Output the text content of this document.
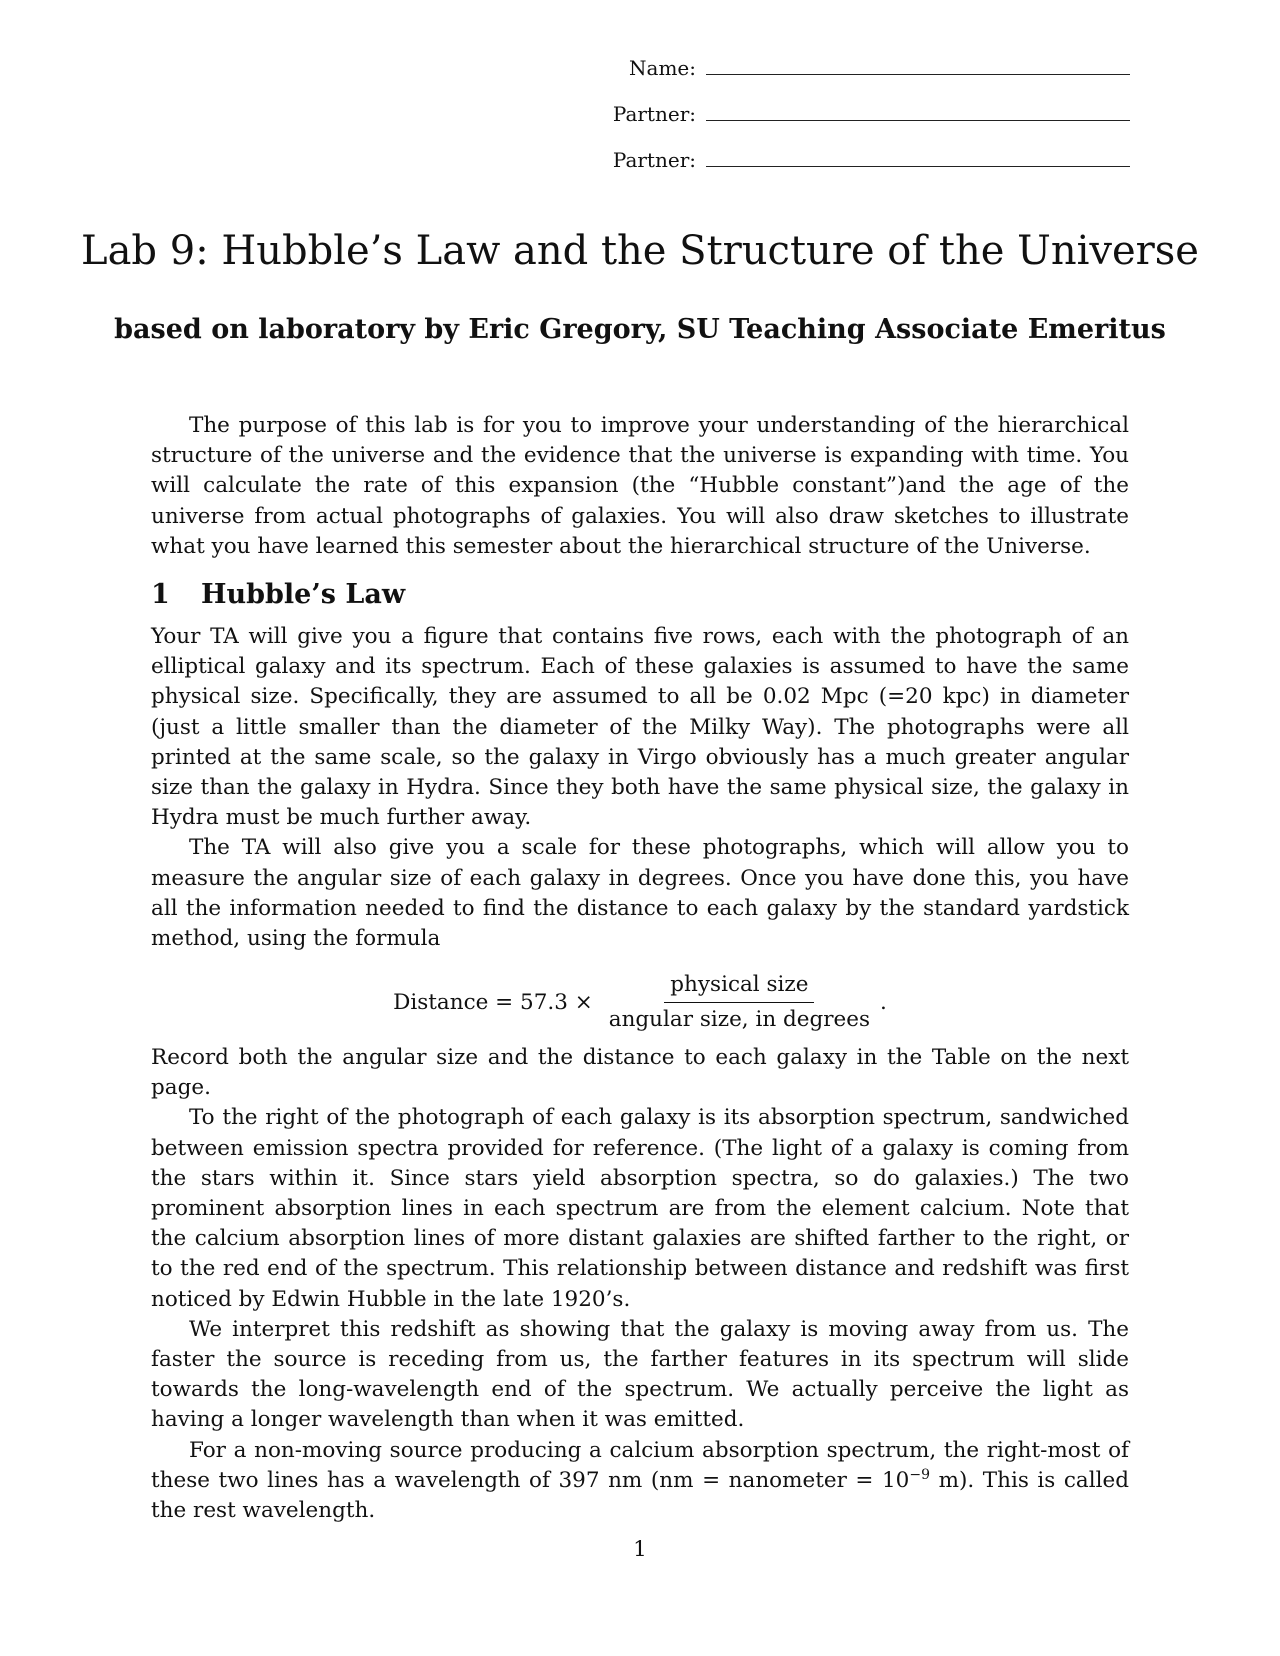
Name:
Partner:
Partner:
Lab 9: Hubble’s Law and the Structure of the Universe
based on laboratory by Eric Gregory, SU Teaching Associate Emeritus

The purpose of this lab is for you to improve your understanding of the hierarchical structure of the universe and the evidence that the universe is expanding with time. You will calculate the rate of this expansion (the “Hubble constant”)and the age of the universe from actual photographs of galaxies. You will also draw sketches to illustrate what you have learned this semester about the hierarchical structure of the Universe.

1 Hubble’s Law
Your TA will give you a figure that contains five rows, each with the photograph of an elliptical galaxy and its spectrum. Each of these galaxies is assumed to have the same physical size. Specifically, they are assumed to all be 0.02 Mpc (=20 kpc) in diameter (just a little smaller than the diameter of the Milky Way). The photographs were all printed at the same scale, so the galaxy in Virgo obviously has a much greater angular size than the galaxy in Hydra. Since they both have the same physical size, the galaxy in Hydra must be much further away.
The TA will also give you a scale for these photographs, which will allow you to measure the angular size of each galaxy in degrees. Once you have done this, you have all the information needed to find the distance to each galaxy by the standard yardstick method, using the formula
Distance = $57.3 \times \frac{\text{physical size}}{\text{angular size, in degrees}}$ .
Record both the angular size and the distance to each galaxy in the Table on the next page.
To the right of the photograph of each galaxy is its absorption spectrum, sandwiched between emission spectra provided for reference. (The light of a galaxy is coming from the stars within it. Since stars yield absorption spectra, so do galaxies.) The two prominent absorption lines in each spectrum are from the element calcium. Note that the calcium absorption lines of more distant galaxies are shifted farther to the right, or to the red end of the spectrum. This relationship between distance and redshift was first noticed by Edwin Hubble in the late 1920’s.
We interpret this redshift as showing that the galaxy is moving away from us. The faster the source is receding from us, the farther features in its spectrum will slide towards the long-wavelength end of the spectrum. We actually perceive the light as having a longer wavelength than when it was emitted.
For a non-moving source producing a calcium absorption spectrum, the right-most of these two lines has a wavelength of 397 nm (nm = nanometer = $10^{-9}$ m). This is called the rest wavelength.
1
